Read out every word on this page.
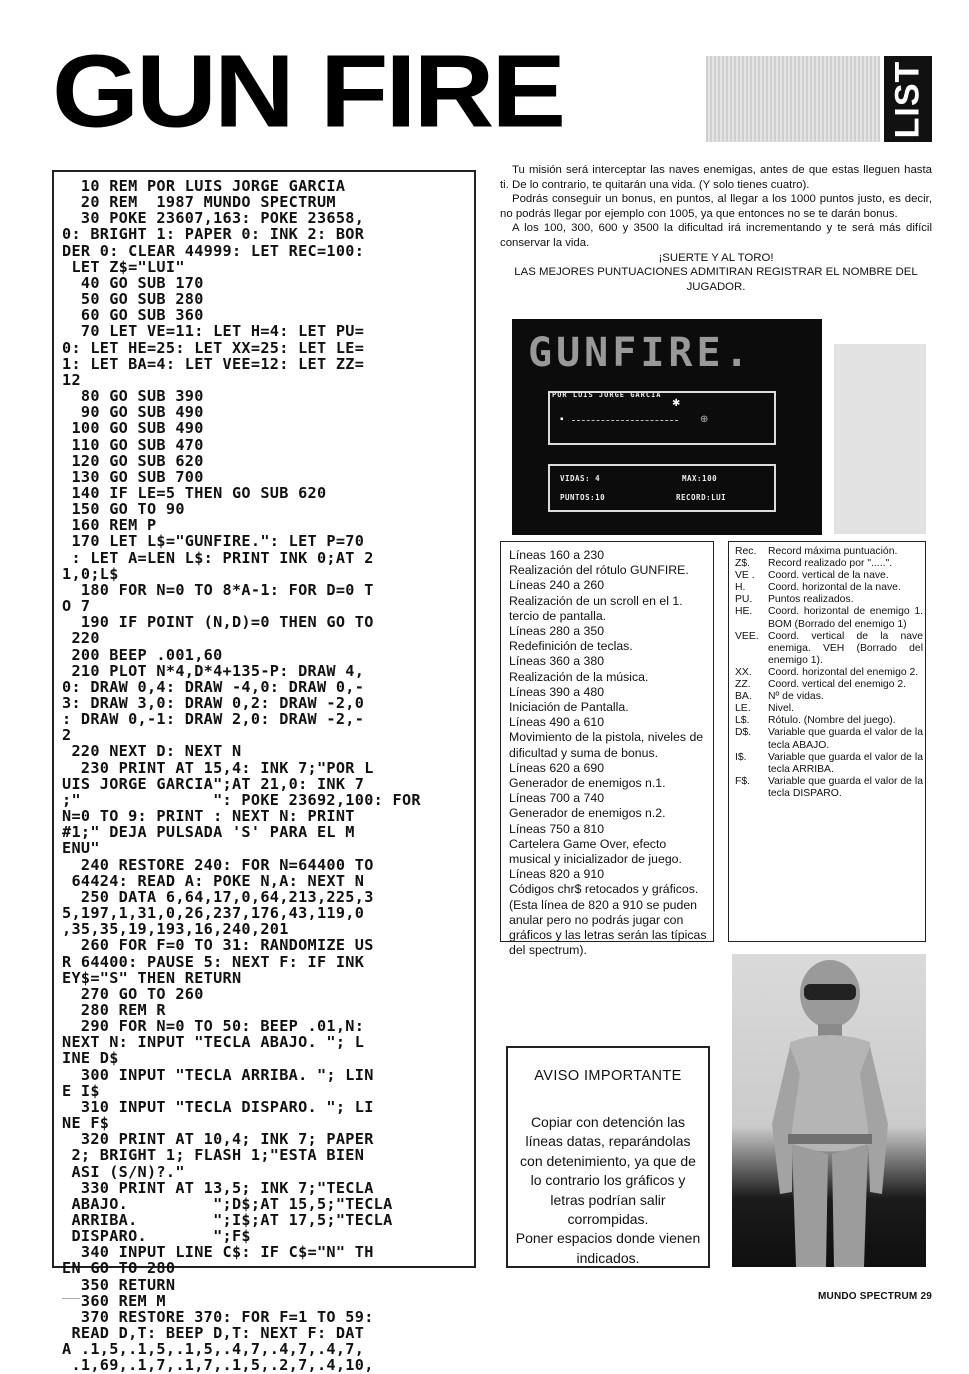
GUN FIRE	LIST
10 REM POR LUIS JORGE GARCIA
20 REM  1987 MUNDO SPECTRUM
30 POKE 23607,163: POKE 23658,
0: BRIGHT 1: PAPER 0: INK 2: BOR
DER 0: CLEAR 44999: LET REC=100:
LET Z$="LUI"
40 GO SUB 170
50 GO SUB 280
60 GO SUB 360
70 LET VE=11: LET H=4: LET PU=
0: LET HE=25: LET XX=25: LET LE=
1: LET BA=4: LET VEE=12: LET ZZ=
12
80 GO SUB 390
90 GO SUB 490
100 GO SUB 490
110 GO SUB 470
120 GO SUB 620
130 GO SUB 700
140 IF LE=5 THEN GO SUB 620
150 GO TO 90
160 REM P
170 LET L$="GUNFIRE.": LET P=70
: LET A=LEN L$: PRINT INK 0;AT 2
1,0;L$
180 FOR N=0 TO 8*A-1: FOR D=0 T
O 7
190 IF POINT (N,D)=0 THEN GO TO
220
200 BEEP .001,60
210 PLOT N*4,D*4+135-P: DRAW 4,
0: DRAW 0,4: DRAW -4,0: DRAW 0,-
3: DRAW 3,0: DRAW 0,2: DRAW -2,0
: DRAW 0,-1: DRAW 2,0: DRAW -2,-
2
220 NEXT D: NEXT N
230 PRINT AT 15,4: INK 7;"POR L
UIS JORGE GARCIA";AT 21,0: INK 7
;"              ": POKE 23692,100: FOR
N=0 TO 9: PRINT : NEXT N: PRINT
#1;" DEJA PULSADA 'S' PARA EL M
ENU"
240 RESTORE 240: FOR N=64400 TO
64424: READ A: POKE N,A: NEXT N
250 DATA 6,64,17,0,64,213,225,3
5,197,1,31,0,26,237,176,43,119,0
,35,35,19,193,16,240,201
260 FOR F=0 TO 31: RANDOMIZE US
R 64400: PAUSE 5: NEXT F: IF INK
EY$="S" THEN RETURN
270 GO TO 260
280 REM R
290 FOR N=0 TO 50: BEEP .01,N:
NEXT N: INPUT "TECLA ABAJO. "; L
INE D$
300 INPUT "TECLA ARRIBA. "; LIN
E I$
310 INPUT "TECLA DISPARO. "; LI
NE F$
320 PRINT AT 10,4; INK 7; PAPER
2; BRIGHT 1; FLASH 1;"ESTA BIEN
ASI (S/N)?."
330 PRINT AT 13,5; INK 7;"TECLA
ABAJO.         ";D$;AT 15,5;"TECLA
ARRIBA.        ";I$;AT 17,5;"TECLA
DISPARO.       ";F$
340 INPUT LINE C$: IF C$="N" TH
EN GO TO 280
350 RETURN
360 REM M
370 RESTORE 370: FOR F=1 TO 59:
READ D,T: BEEP D,T: NEXT F: DAT
A .1,5,.1,5,.1,5,.4,7,.4,7,.4,7,
.1,69,.1,7,.1,7,.1,5,.2,7,.4,10,

Tu misión será interceptar las naves enemigas, antes de que estas lleguen hasta ti. De lo contrario, te quitarán una vida. (Y solo tienes cuatro).

Podrás conseguir un bonus, en puntos, al llegar a los 1000 puntos justo, es decir, no podrás llegar por ejemplo con 1005, ya que entonces no se te darán bonus.

A los 100, 300, 600 y 3500 la dificultad irá incrementando y te será más difícil conservar la vida.

¡SUERTE Y AL TORO!

LAS MEJORES PUNTUACIONES ADMITIRAN REGISTRAR EL NOMBRE DEL JUGADOR.

GUNFIRE.
POR LUIS JORGE GARCIA
▪
✱
⊕
VIDAS: 4	MAX:100
PUNTOS:10	RECORD:LUI
Líneas 160 a 230
Realización del rótulo GUNFIRE.
Líneas 240 a 260
Realización de un scroll en el 1. tercio de pantalla.
Líneas 280 a 350
Redefinición de teclas.
Líneas 360 a 380
Realización de la música.
Líneas 390 a 480
Iniciación de Pantalla.
Líneas 490 a 610
Movimiento de la pistola, niveles de dificultad y suma de bonus.
Líneas 620 a 690
Generador de enemigos n.1.
Líneas 700 a 740
Generador de enemigos n.2.
Líneas 750 a 810
Cartelera Game Over, efecto musical y inicializador de juego.
Líneas 820 a 910
Códigos chr$ retocados y gráficos. (Esta línea de 820 a 910 se puden anular pero no podrás jugar con gráficos y las letras serán las típicas del spectrum).
Rec.	Record máxima puntuación.
Z$.	Record realizado por ".....".
VE .	Coord. vertical de la nave.
H.	Coord. horizontal de la nave.
PU.	Puntos realizados.
HE.	Coord. horizontal de enemigo 1. BOM (Borrado del enemigo 1)
VEE. Coord. vertical de la nave enemiga. VEH (Borrado del enemigo 1).
XX.	Coord. horizontal del enemigo 2.
ZZ.	Coord. vertical del enemigo 2.
BA.	Nº de vidas.
LE.	Nivel.
L$.	Rótulo. (Nombre del juego).
D$.	Variable que guarda el valor de la tecla ABAJO.
I$.	Variable que guarda el valor de la tecla ARRIBA.
F$.	Variable que guarda el valor de la tecla DISPARO.
AVISO IMPORTANTE

Copiar con detención las líneas datas, reparándolas con detenimiento, ya que de lo contrario los gráficos y letras podrían salir corrompidas.

Poner espacios donde vienen indicados.

MUNDO SPECTRUM 29
